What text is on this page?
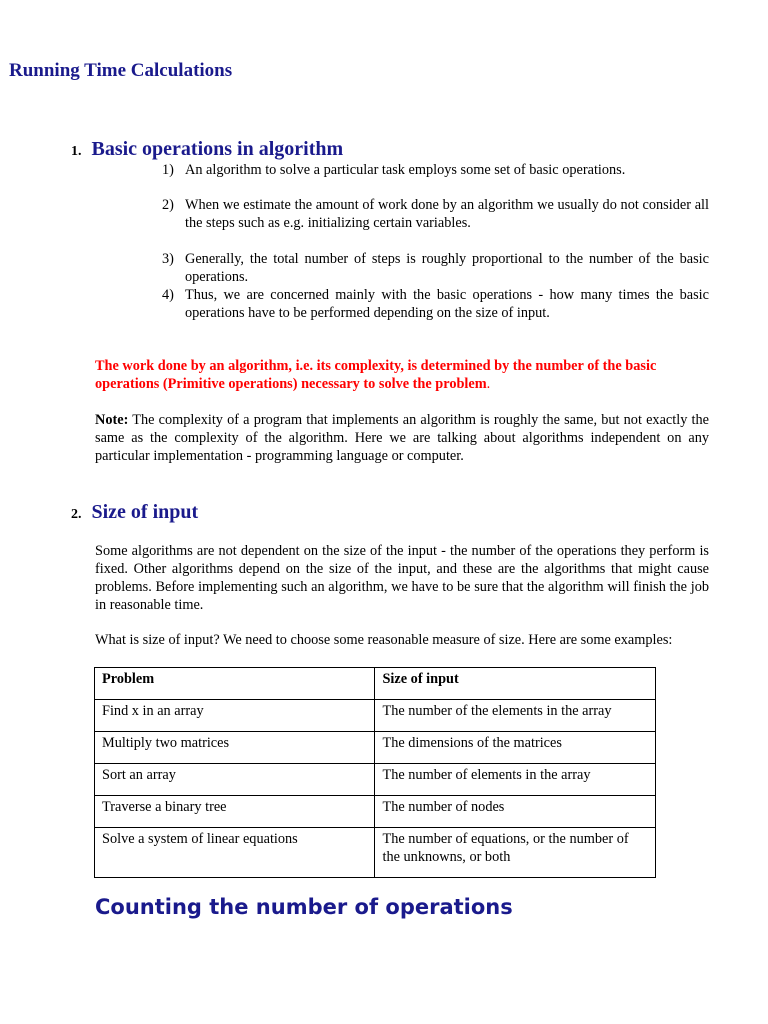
Running Time Calculations
1. Basic operations in algorithm
1) An algorithm to solve a particular task employs some set of basic operations.
2) When we estimate the amount of work done by an algorithm we usually do not consider all the steps such as e.g. initializing certain variables.
3) Generally, the total number of steps is roughly proportional to the number of the basic operations.
4) Thus, we are concerned mainly with the basic operations - how many times the basic operations have to be performed depending on the size of input.
The work done by an algorithm, i.e. its complexity, is determined by the number of the basic operations (Primitive operations) necessary to solve the problem.
Note: The complexity of a program that implements an algorithm is roughly the same, but not exactly the same as the complexity of the algorithm. Here we are talking about algorithms independent on any particular implementation - programming language or computer.
2. Size of input
Some algorithms are not dependent on the size of the input - the number of the operations they perform is fixed. Other algorithms depend on the size of the input, and these are the algorithms that might cause problems. Before implementing such an algorithm, we have to be sure that the algorithm will finish the job in reasonable time.
What is size of input? We need to choose some reasonable measure of size. Here are some examples:
Problem	Size of input
Find x in an array	The number of the elements in the array
Multiply two matrices	The dimensions of the matrices
Sort an array	The number of elements in the array
Traverse a binary tree	The number of nodes
Solve a system of linear equations	The number of equations, or the number of the unknowns, or both
Counting the number of operations
